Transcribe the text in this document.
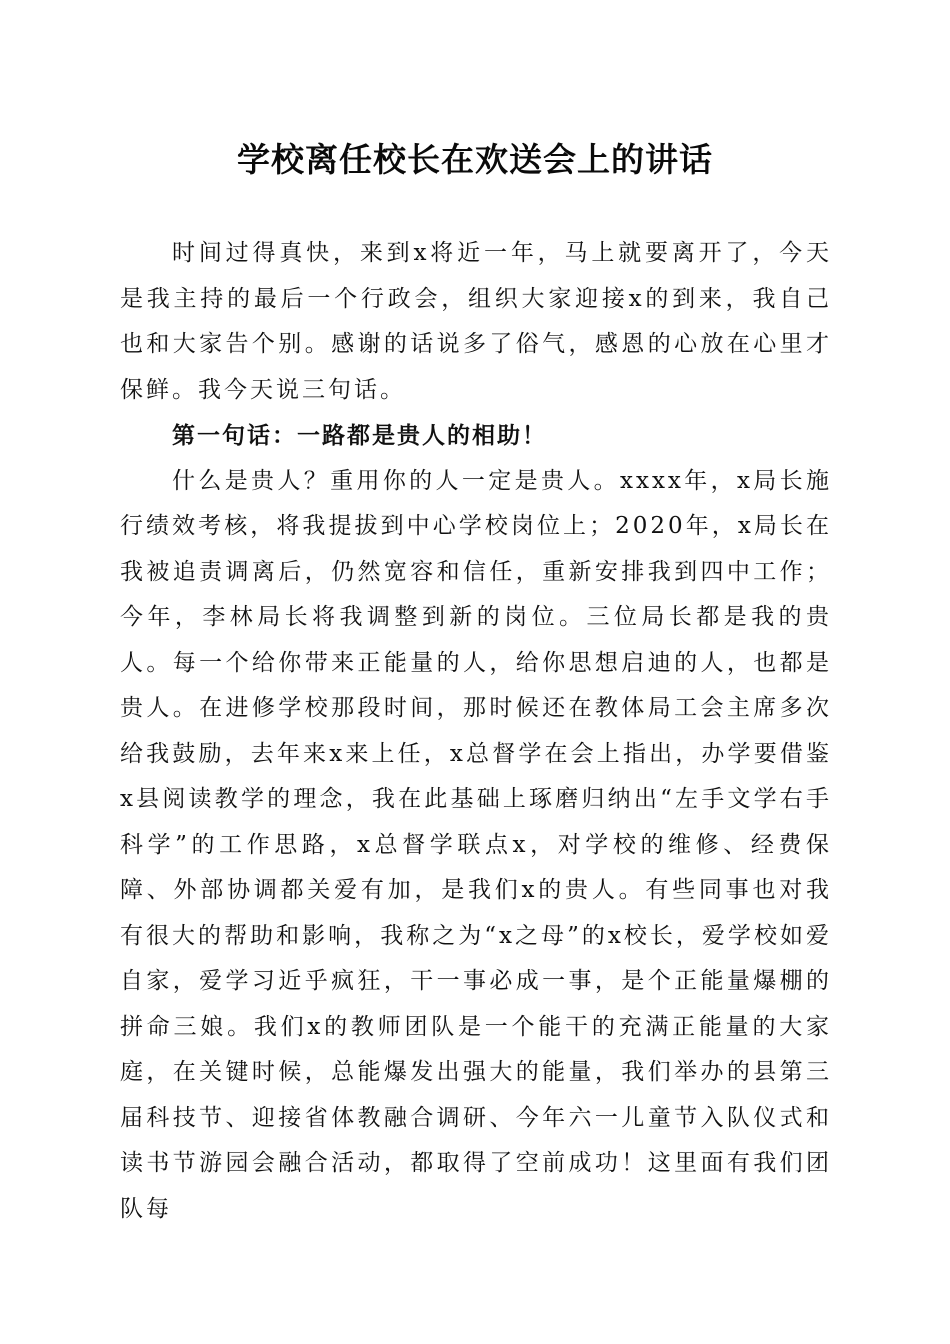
学校离任校长在欢送会上的讲话

时间过得真快，来到x将近一年，马上就要离开了，今天是我主持的最后一个行政会，组织大家迎接x的到来，我自己也和大家告个别。感谢的话说多了俗气，感恩的心放在心里才保鲜。我今天说三句话。

第一句话：一路都是贵人的相助！

什么是贵人？重用你的人一定是贵人。xxxx年，x局长施行绩效考核，将我提拔到中心学校岗位上；2020年，x局长在我被追责调离后，仍然宽容和信任，重新安排我到四中工作；今年，李林局长将我调整到新的岗位。三位局长都是我的贵人。每一个给你带来正能量的人，给你思想启迪的人，也都是贵人。在进修学校那段时间，那时候还在教体局工会主席多次给我鼓励，去年来x来上任，x总督学在会上指出，办学要借鉴x县阅读教学的理念，我在此基础上琢磨归纳出“左手文学右手科学”的工作思路，x总督学联点x，对学校的维修、经费保障、外部协调都关爱有加，是我们x的贵人。有些同事也对我有很大的帮助和影响，我称之为“x之母”的x校长，爱学校如爱自家，爱学习近乎疯狂，干一事必成一事，是个正能量爆棚的拼命三娘。我们x的教师团队是一个能干的充满正能量的大家庭，在关键时候，总能爆发出强大的能量，我们举办的县第三届科技节、迎接省体教融合调研、今年六一儿童节入队仪式和读书节游园会融合活动，都取得了空前成功！这里面有我们团队每
